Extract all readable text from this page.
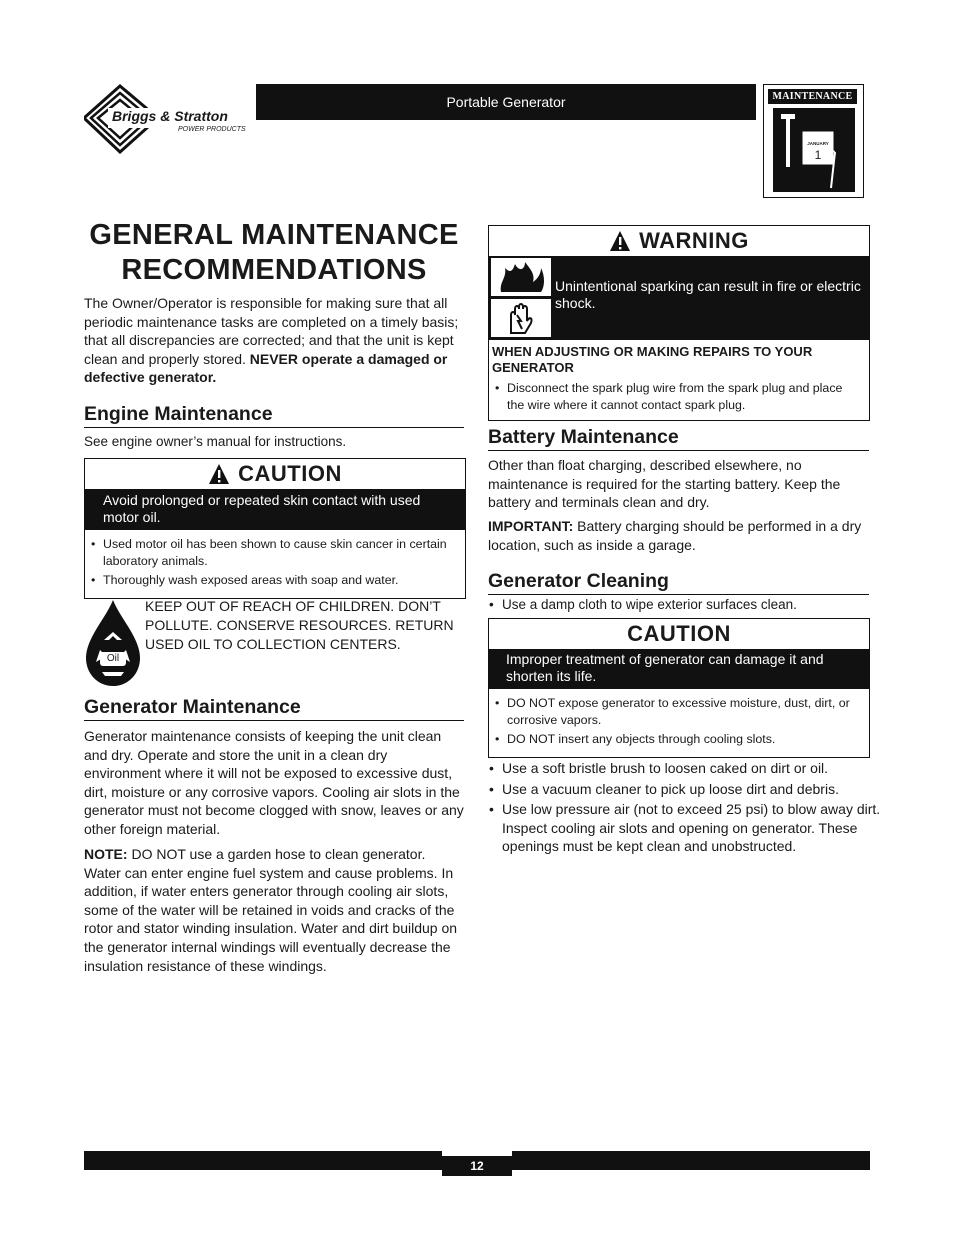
Briggs & Stratton
POWER PRODUCTS
Portable Generator	MAINTENANCE
JANUARY
1
GENERAL MAINTENANCE
RECOMMENDATIONS
The Owner/Operator is responsible for making sure that all periodic maintenance tasks are completed on a timely basis; that all discrepancies are corrected; and that the unit is kept clean and properly stored. NEVER operate a damaged or defective generator.
Engine Maintenance
See engine owner’s manual for instructions.
CAUTION
Avoid prolonged or repeated skin contact with used motor oil.
• Used motor oil has been shown to cause skin cancer in certain laboratory animals.
• Thoroughly wash exposed areas with soap and water.
Oil
KEEP OUT OF REACH OF CHILDREN. DON’T POLLUTE. CONSERVE RESOURCES. RETURN USED OIL TO COLLECTION CENTERS.
Generator Maintenance
Generator maintenance consists of keeping the unit clean and dry. Operate and store the unit in a clean dry environment where it will not be exposed to excessive dust, dirt, moisture or any corrosive vapors. Cooling air slots in the generator must not become clogged with snow, leaves or any other foreign material.
NOTE: DO NOT use a garden hose to clean generator. Water can enter engine fuel system and cause problems. In addition, if water enters generator through cooling air slots, some of the water will be retained in voids and cracks of the rotor and stator winding insulation. Water and dirt buildup on the generator internal windings will eventually decrease the insulation resistance of these windings.
WARNING
Unintentional sparking can result in fire or electric shock.
WHEN ADJUSTING OR MAKING REPAIRS TO YOUR GENERATOR
• Disconnect the spark plug wire from the spark plug and place the wire where it cannot contact spark plug.
Battery Maintenance
Other than float charging, described elsewhere, no maintenance is required for the starting battery. Keep the battery and terminals clean and dry.
IMPORTANT: Battery charging should be performed in a dry location, such as inside a garage.
Generator Cleaning
• Use a damp cloth to wipe exterior surfaces clean.
CAUTION
Improper treatment of generator can damage it and shorten its life.
• DO NOT expose generator to excessive moisture, dust, dirt, or corrosive vapors.
• DO NOT insert any objects through cooling slots.
• Use a soft bristle brush to loosen caked on dirt or oil.
• Use a vacuum cleaner to pick up loose dirt and debris.
• Use low pressure air (not to exceed 25 psi) to blow away dirt. Inspect cooling air slots and opening on generator. These openings must be kept clean and unobstructed.
12
